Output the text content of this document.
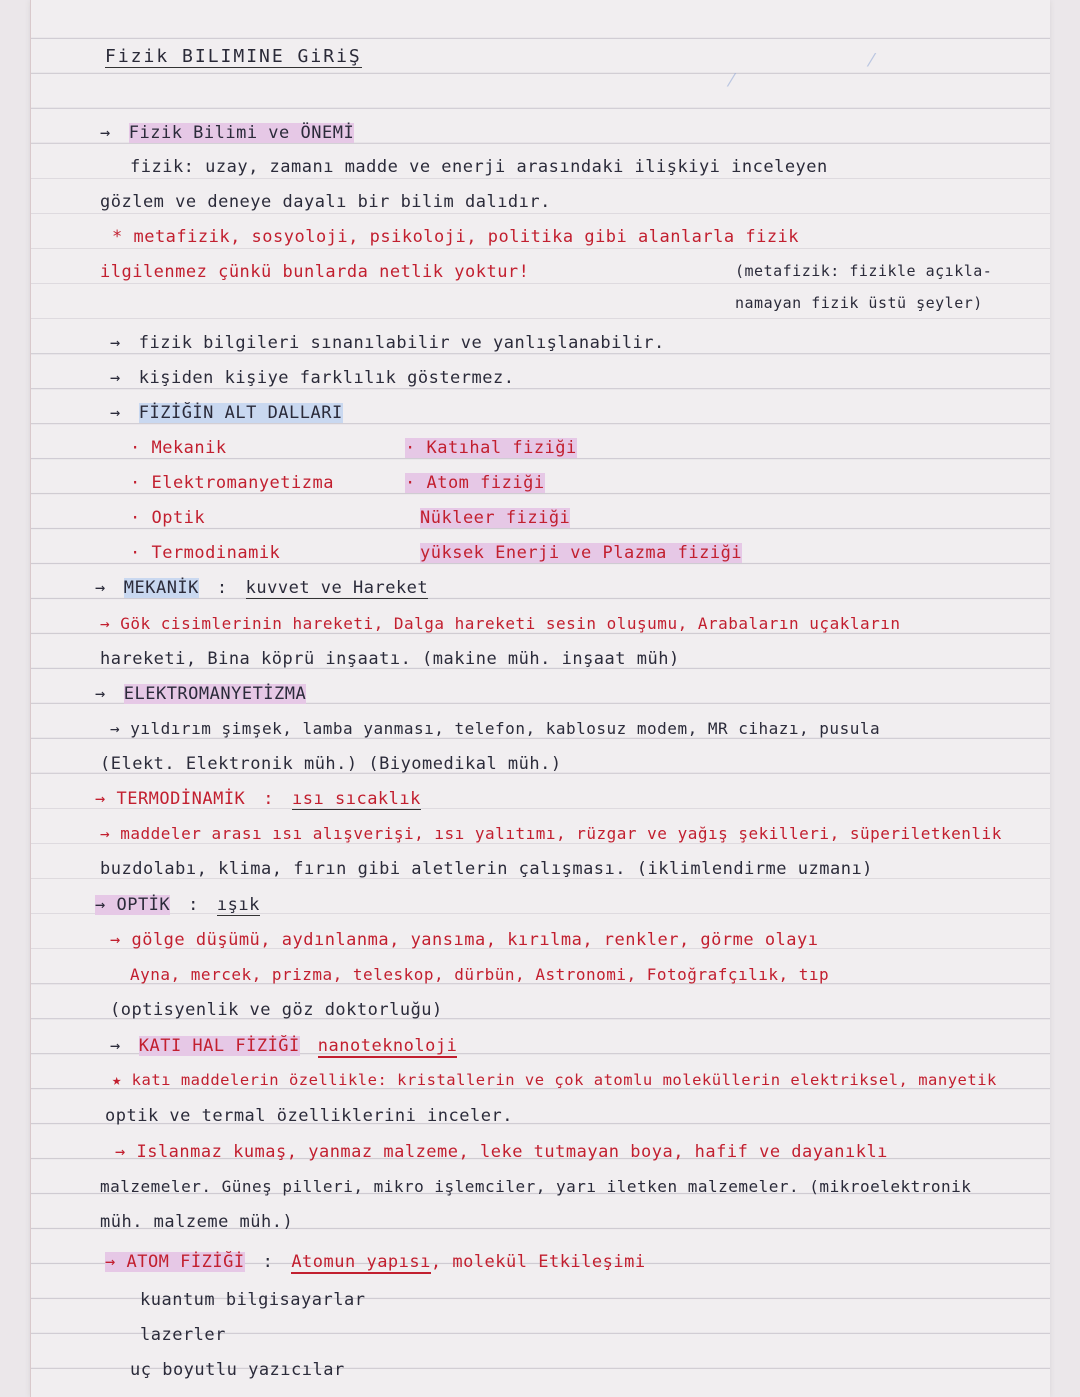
Fizik BILIMINE GiRiŞ
⁄
⁄
→ Fizik Bilimi ve ÖNEMİ
fizik: uzay, zamanı madde ve enerji arasındaki ilişkiyi inceleyen
gözlem ve deneye dayalı bir bilim dalıdır.
* metafizik, sosyoloji, psikoloji, politika gibi alanlarla fizik
ilgilenmez çünkü bunlarda netlik yoktur!	(metafizik: fizikle açıkla-
namayan fizik üstü şeyler)
→ fizik bilgileri sınanılabilir ve yanlışlanabilir.
→ kişiden kişiye farklılık göstermez.
→ FİZİĞİN ALT DALLARI
· Mekanik
· Elektromanyetizma
· Optik
· Termodinamik
· Katıhal fiziği
· Atom fiziği
Nükleer fiziği
yüksek Enerji ve Plazma fiziği
→ MEKANİK : kuvvet ve Hareket
→ Gök cisimlerinin hareketi, Dalga hareketi sesin oluşumu, Arabaların uçakların
hareketi, Bina köprü inşaatı. (makine müh. inşaat müh)
→ ELEKTROMANYETİZMA
→ yıldırım şimşek, lamba yanması, telefon, kablosuz modem, MR cihazı, pusula
(Elekt. Elektronik müh.) (Biyomedikal müh.)
→ TERMODİNAMİK : ısı sıcaklık
→ maddeler arası ısı alışverişi, ısı yalıtımı, rüzgar ve yağış şekilleri, süperiletkenlik
buzdolabı, klima, fırın gibi aletlerin çalışması. (iklimlendirme uzmanı)
→ OPTİK : ışık
→ gölge düşümü, aydınlanma, yansıma, kırılma, renkler, görme olayı
Ayna, mercek, prizma, teleskop, dürbün, Astronomi, Fotoğrafçılık, tıp
(optisyenlik ve göz doktorluğu)
→ KATI HAL FİZİĞİ nanoteknoloji
★ katı maddelerin özellikle: kristallerin ve çok atomlu moleküllerin elektriksel, manyetik
optik ve termal özelliklerini inceler.
→ Islanmaz kumaş, yanmaz malzeme, leke tutmayan boya, hafif ve dayanıklı
malzemeler. Güneş pilleri, mikro işlemciler, yarı iletken malzemeler. (mikroelektronik
müh. malzeme müh.)
→ ATOM FİZİĞİ : Atomun yapısı, molekül Etkileşimi
kuantum bilgisayarlar
lazerler
uç boyutlu yazıcılar
